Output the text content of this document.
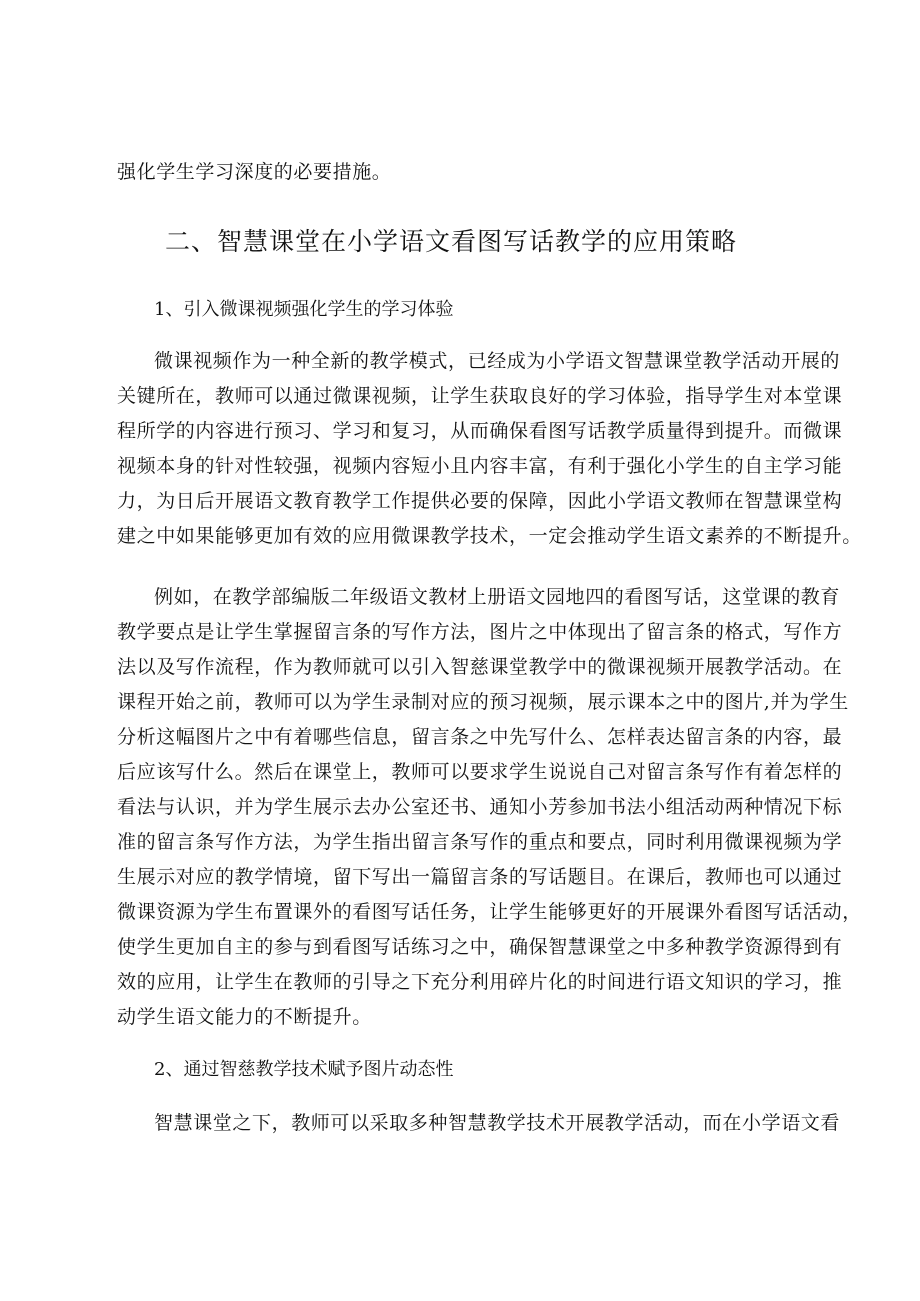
强化学生学习深度的必要措施。
二、智慧课堂在小学语文看图写话教学的应用策略
1、引入微课视频强化学生的学习体验
微课视频作为一种全新的教学模式，已经成为小学语文智慧课堂教学活动开展的
关键所在，教师可以通过微课视频，让学生获取良好的学习体验，指导学生对本堂课
程所学的内容进行预习、学习和复习，从而确保看图写话教学质量得到提升。而微课
视频本身的针对性较强，视频内容短小且内容丰富，有利于强化小学生的自主学习能
力，为日后开展语文教育教学工作提供必要的保障，因此小学语文教师在智慧课堂构
建之中如果能够更加有效的应用微课教学技术，一定会推动学生语文素养的不断提升。
例如，在教学部编版二年级语文教材上册语文园地四的看图写话，这堂课的教育
教学要点是让学生掌握留言条的写作方法，图片之中体现出了留言条的格式，写作方
法以及写作流程，作为教师就可以引入智慈课堂教学中的微课视频开展教学活动。在
课程开始之前，教师可以为学生录制对应的预习视频，展示课本之中的图片,并为学生
分析这幅图片之中有着哪些信息，留言条之中先写什么、怎样表达留言条的内容，最
后应该写什么。然后在课堂上，教师可以要求学生说说自己对留言条写作有着怎样的
看法与认识，并为学生展示去办公室还书、通知小芳参加书法小组活动两种情况下标
准的留言条写作方法，为学生指出留言条写作的重点和要点，同时利用微课视频为学
生展示对应的教学情境，留下写出一篇留言条的写话题目。在课后，教师也可以通过
微课资源为学生布置课外的看图写话任务，让学生能够更好的开展课外看图写话活动，
使学生更加自主的参与到看图写话练习之中，确保智慧课堂之中多种教学资源得到有
效的应用，让学生在教师的引导之下充分利用碎片化的时间进行语文知识的学习，推
动学生语文能力的不断提升。
2、通过智慈教学技术赋予图片动态性
智慧课堂之下，教师可以采取多种智慧教学技术开展教学活动，而在小学语文看
